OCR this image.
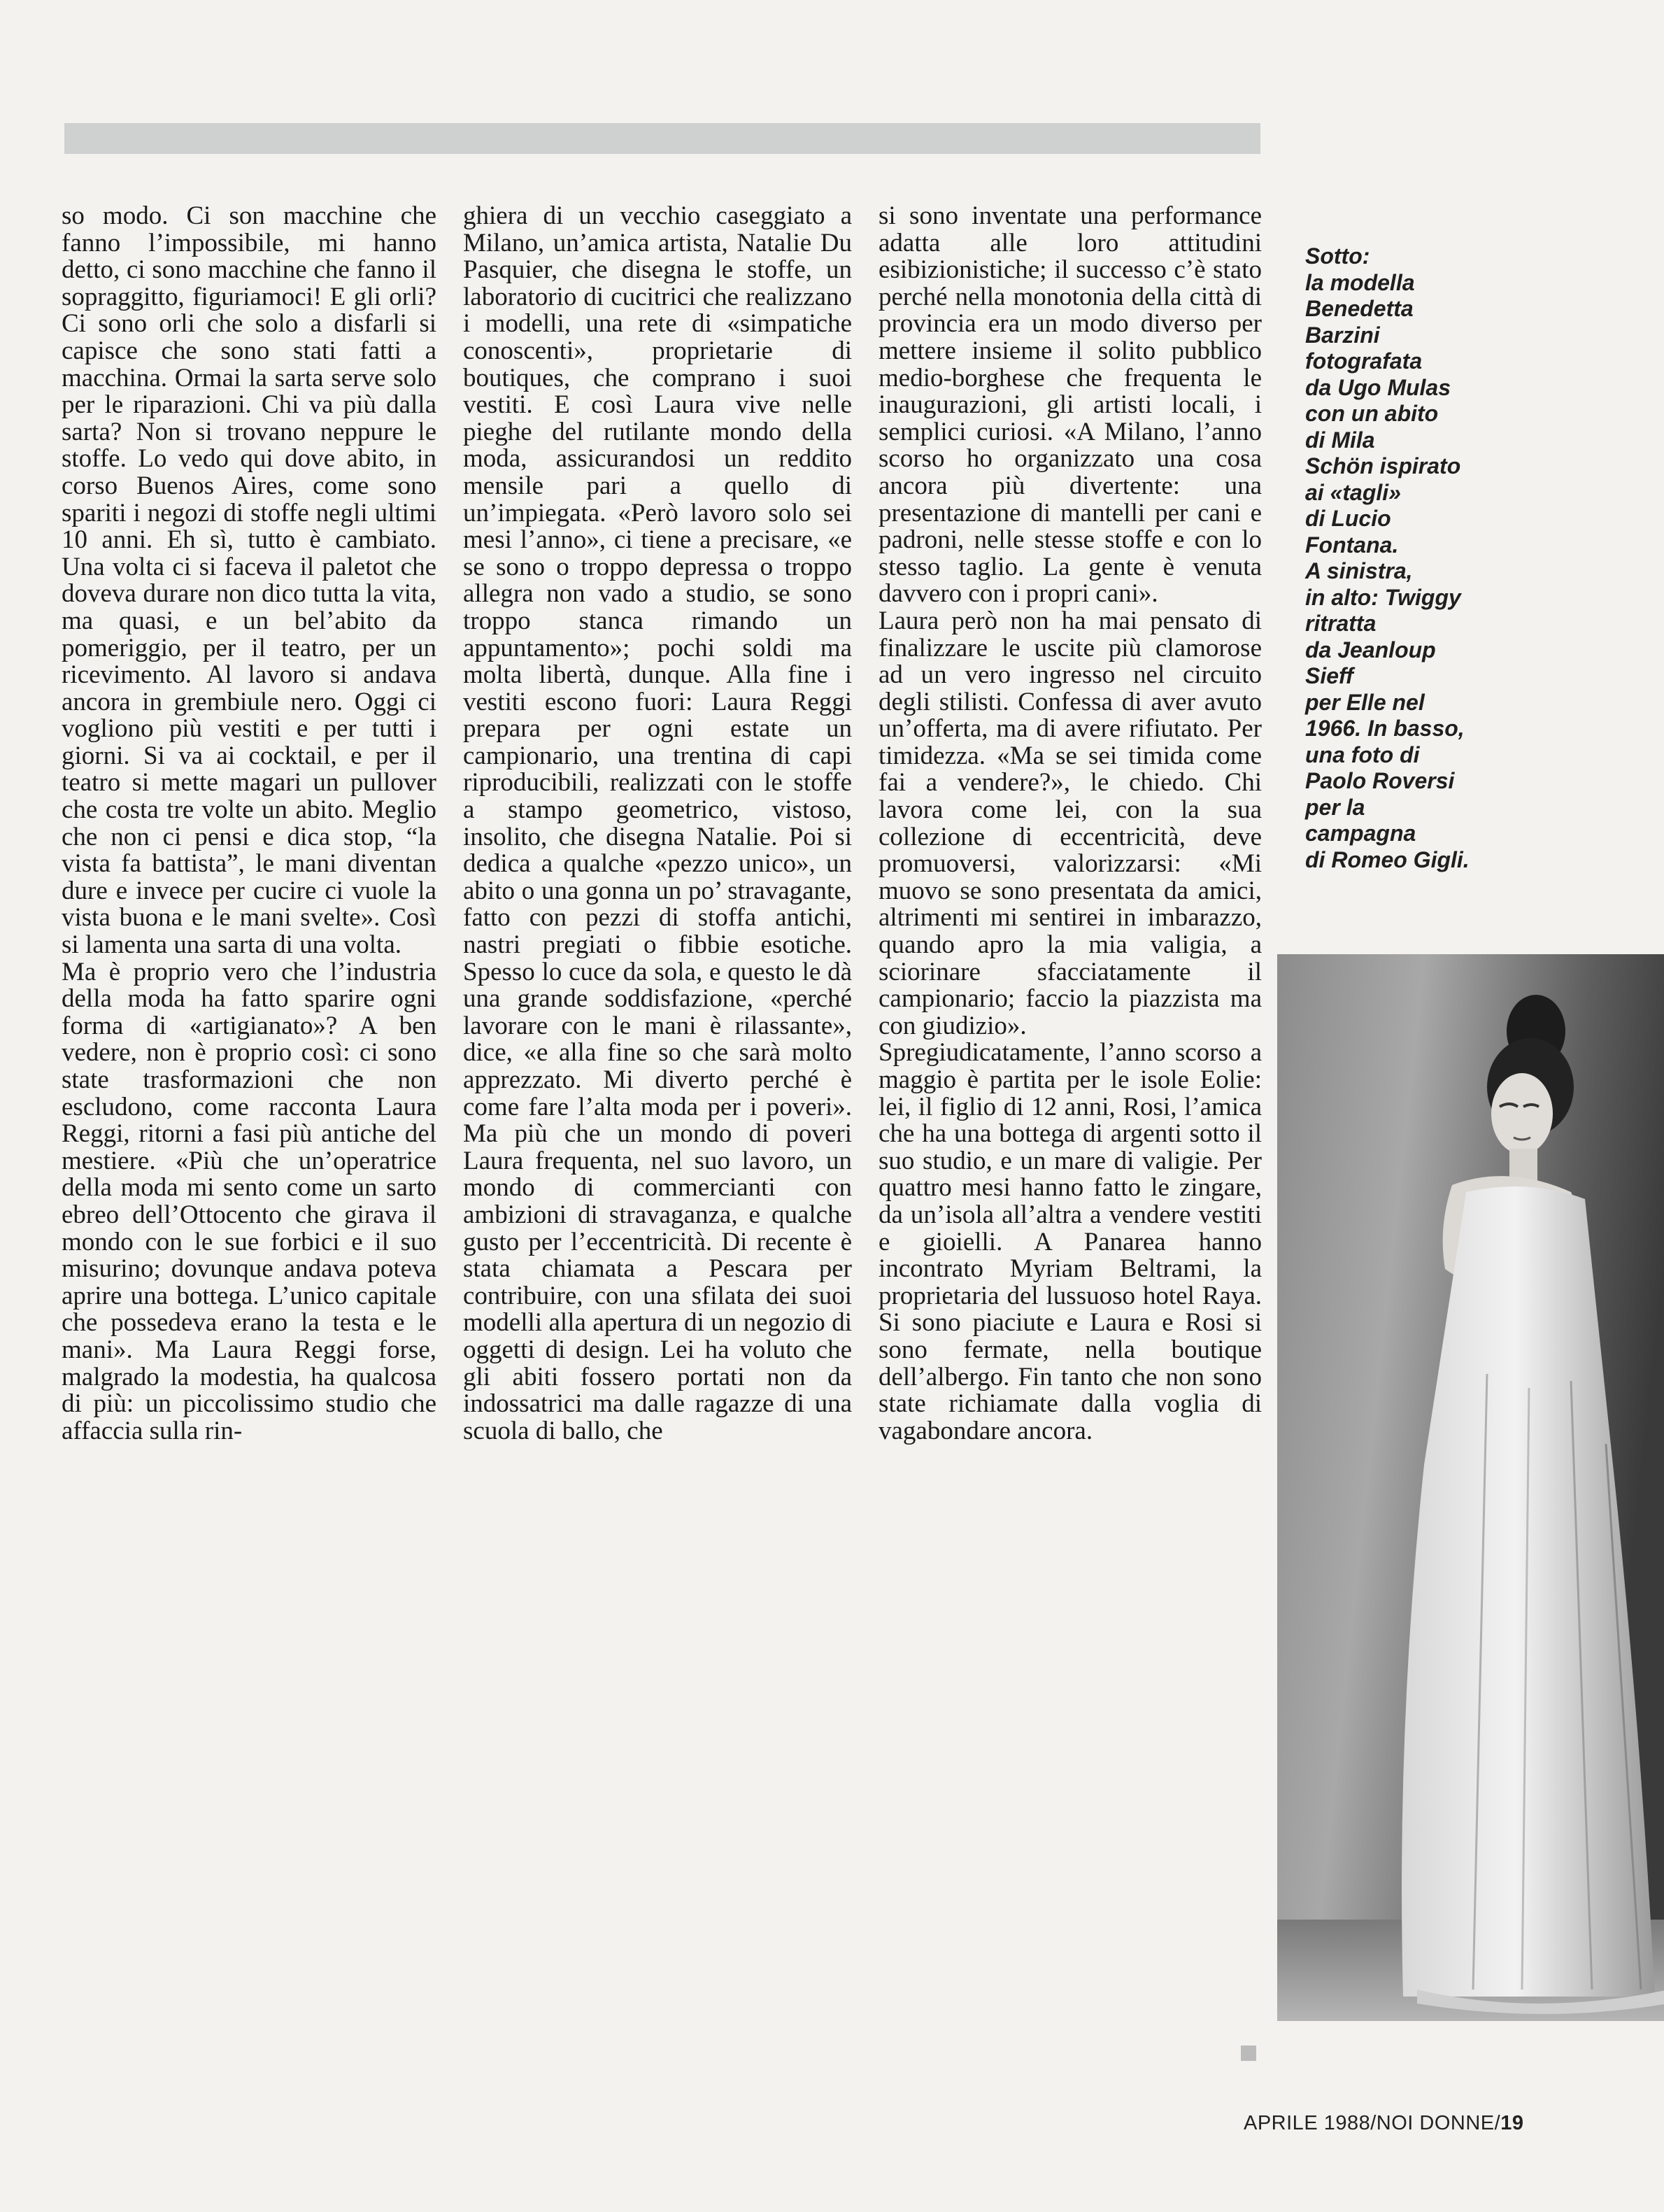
so modo. Ci son macchine che fanno l’impossibile, mi hanno detto, ci sono macchine che fanno il sopraggitto, figuriamoci! E gli orli? Ci sono orli che solo a disfarli si capisce che sono stati fatti a macchina. Ormai la sarta serve solo per le riparazioni. Chi va più dalla sarta? Non si trovano neppure le stoffe. Lo vedo qui dove abito, in corso Buenos Aires, come sono spariti i negozi di stoffe negli ultimi 10 anni. Eh sì, tutto è cambiato. Una volta ci si faceva il paletot che doveva durare non dico tutta la vita, ma quasi, e un bel’abito da pomeriggio, per il teatro, per un ricevimento. Al lavoro si andava ancora in grembiule nero. Oggi ci vogliono più vestiti e per tutti i giorni. Si va ai cocktail, e per il teatro si mette magari un pullover che costa tre volte un abito. Meglio che non ci pensi e dica stop, “la vista fa battista”, le mani diventan dure e invece per cucire ci vuole la vista buona e le mani svelte». Così si lamenta una sarta di una volta.

Ma è proprio vero che l’industria della moda ha fatto sparire ogni forma di «artigianato»? A ben vedere, non è proprio così: ci sono state trasformazioni che non escludono, come racconta Laura Reggi, ritorni a fasi più antiche del mestiere. «Più che un’operatrice della moda mi sento come un sarto ebreo dell’Ottocento che girava il mondo con le sue forbici e il suo misurino; dovunque andava poteva aprire una bottega. L’unico capitale che possedeva erano la testa e le mani». Ma Laura Reggi forse, malgrado la modestia, ha qualcosa di più: un piccolissimo studio che affaccia sulla rin-

ghiera di un vecchio caseggiato a Milano, un’amica artista, Natalie Du Pasquier, che disegna le stoffe, un laboratorio di cucitrici che realizzano i modelli, una rete di «simpatiche conoscenti», proprietarie di boutiques, che comprano i suoi vestiti. E così Laura vive nelle pieghe del rutilante mondo della moda, assicurandosi un reddito mensile pari a quello di un’impiegata. «Però lavoro solo sei mesi l’anno», ci tiene a precisare, «e se sono o troppo depressa o troppo allegra non vado a studio, se sono troppo stanca rimando un appuntamento»; pochi soldi ma molta libertà, dunque. Alla fine i vestiti escono fuori: Laura Reggi prepara per ogni estate un campionario, una trentina di capi riproducibili, realizzati con le stoffe a stampo geometrico, vistoso, insolito, che disegna Natalie. Poi si dedica a qualche «pezzo unico», un abito o una gonna un po’ stravagante, fatto con pezzi di stoffa antichi, nastri pregiati o fibbie esotiche. Spesso lo cuce da sola, e questo le dà una grande soddisfazione, «perché lavorare con le mani è rilassante», dice, «e alla fine so che sarà molto apprezzato. Mi diverto perché è come fare l’alta moda per i poveri». Ma più che un mondo di poveri Laura frequenta, nel suo lavoro, un mondo di commercianti con ambizioni di stravaganza, e qualche gusto per l’eccentricità. Di recente è stata chiamata a Pescara per contribuire, con una sfilata dei suoi modelli alla apertura di un negozio di oggetti di design. Lei ha voluto che gli abiti fossero portati non da indossatrici ma dalle ragazze di una scuola di ballo, che

si sono inventate una performance adatta alle loro attitudini esibizionistiche; il successo c’è stato perché nella monotonia della città di provincia era un modo diverso per mettere insieme il solito pubblico medio-borghese che frequenta le inaugurazioni, gli artisti locali, i semplici curiosi. «A Milano, l’anno scorso ho organizzato una cosa ancora più divertente: una presentazione di mantelli per cani e padroni, nelle stesse stoffe e con lo stesso taglio. La gente è venuta davvero con i propri cani».

Laura però non ha mai pensato di finalizzare le uscite più clamorose ad un vero ingresso nel circuito degli stilisti. Confessa di aver avuto un’offerta, ma di avere rifiutato. Per timidezza. «Ma se sei timida come fai a vendere?», le chiedo. Chi lavora come lei, con la sua collezione di eccentricità, deve promuoversi, valorizzarsi: «Mi muovo se sono presentata da amici, altrimenti mi sentirei in imbarazzo, quando apro la mia valigia, a sciorinare sfacciatamente il campionario; faccio la piazzista ma con giudizio».

Spregiudicatamente, l’anno scorso a maggio è partita per le isole Eolie: lei, il figlio di 12 anni, Rosi, l’amica che ha una bottega di argenti sotto il suo studio, e un mare di valigie. Per quattro mesi hanno fatto le zingare, da un’isola all’altra a vendere vestiti e gioielli. A Panarea hanno incontrato Myriam Beltrami, la proprietaria del lussuoso hotel Raya. Si sono piaciute e Laura e Rosi si sono fermate, nella boutique dell’albergo. Fin tanto che non sono state richiamate dalla voglia di vagabondare ancora.

Sotto:
la modella
Benedetta
Barzini
fotografata
da Ugo Mulas
con un abito
di Mila
Schön ispirato
ai «tagli»
di Lucio
Fontana.
A sinistra,
in alto: Twiggy
ritratta
da Jeanloup
Sieff
per Elle nel
1966. In basso,
una foto di
Paolo Roversi
per la
campagna
di Romeo Gigli.
APRILE 1988/NOI DONNE/19
